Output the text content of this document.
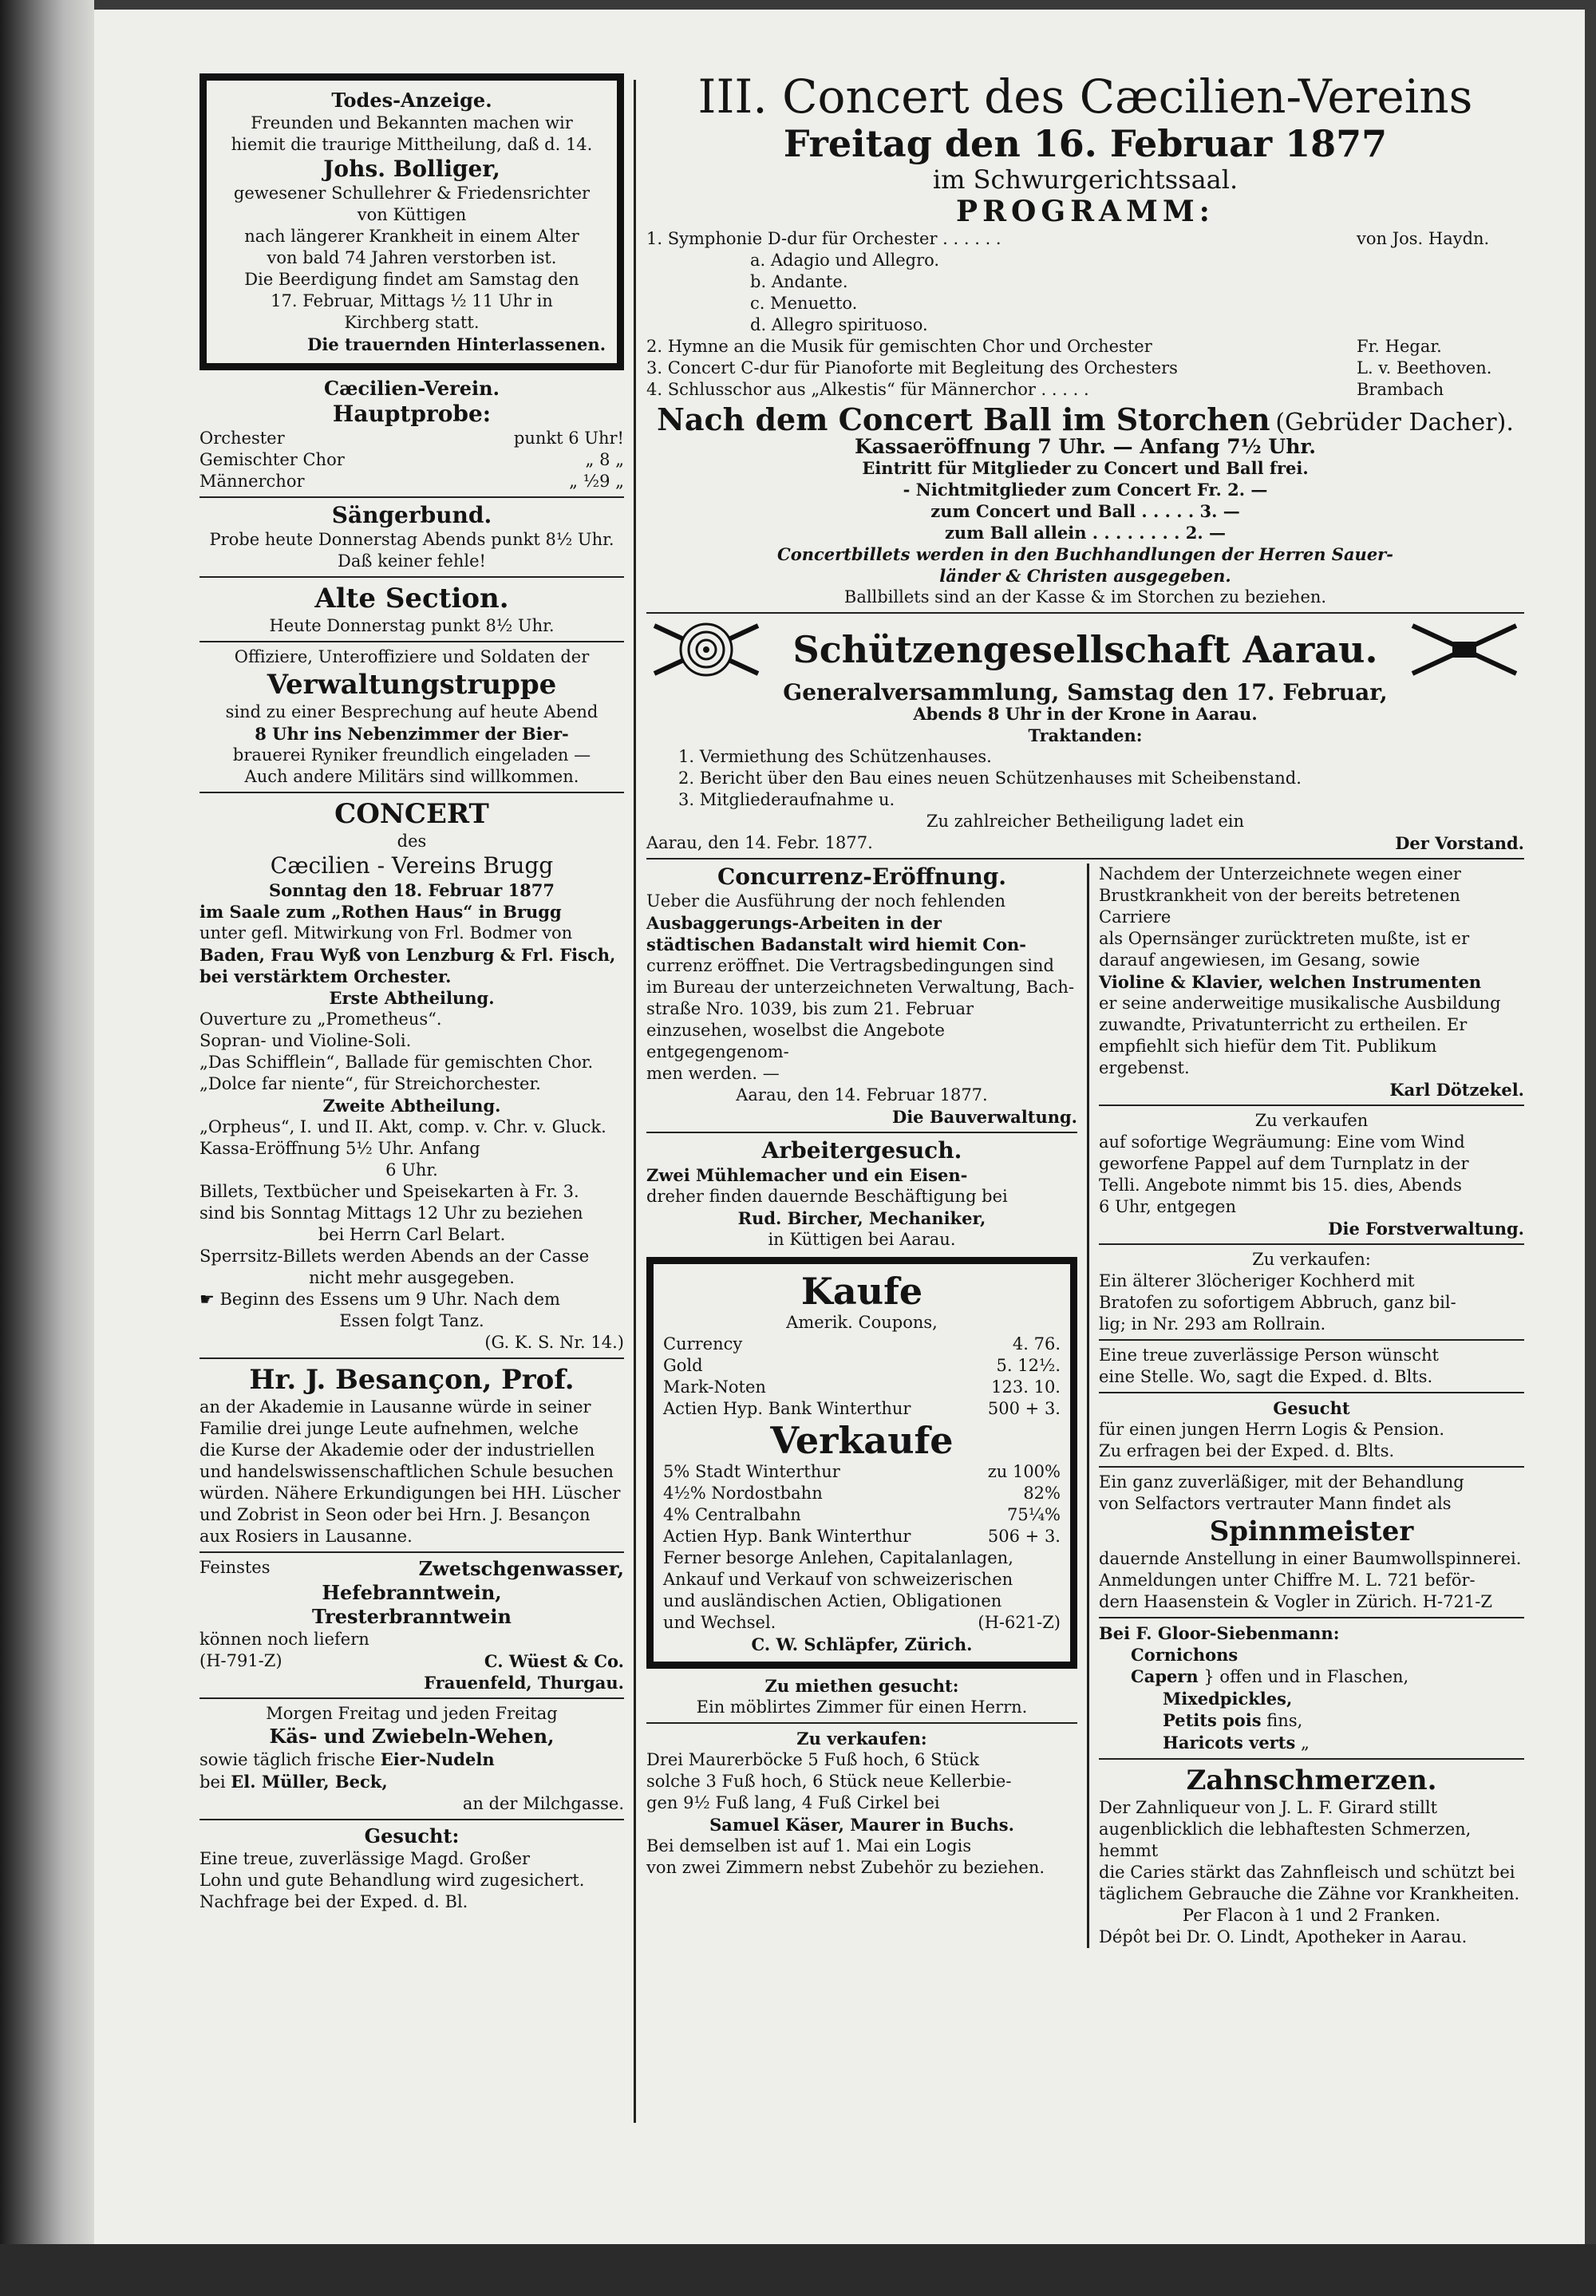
Todes-Anzeige.
Freunden und Bekannten machen wir
hiemit die traurige Mittheilung, daß d. 14.
Johs. Bolliger,
gewesener Schullehrer & Friedensrichter
von Küttigen
nach längerer Krankheit in einem Alter
von bald 74 Jahren verstorben ist.
Die Beerdigung findet am Samstag den
17. Februar, Mittags ½ 11 Uhr in
Kirchberg statt.
Die trauernden Hinterlassenen.
Cæcilien-Verein.
Hauptprobe:
Orchester	punkt 6 Uhr!
Gemischter Chor	„ 8 „
Männerchor	„ ½9 „
Sängerbund.
Probe heute Donnerstag Abends punkt 8½ Uhr.
Daß keiner fehle!
Alte Section.
Heute Donnerstag punkt 8½ Uhr.
Offiziere, Unteroffiziere und Soldaten der
Verwaltungstruppe
sind zu einer Besprechung auf heute Abend
8 Uhr ins Nebenzimmer der Bier-
brauerei Ryniker freundlich eingeladen —
Auch andere Militärs sind willkommen.
CONCERT
des
Cæcilien - Vereins Brugg
Sonntag den 18. Februar 1877
im Saale zum „Rothen Haus“ in Brugg
unter gefl. Mitwirkung von Frl. Bodmer von
Baden, Frau Wyß von Lenzburg & Frl. Fisch,
bei verstärktem Orchester.
Erste Abtheilung.
Ouverture zu „Prometheus“.
Sopran- und Violine-Soli.
„Das Schifflein“, Ballade für gemischten Chor.
„Dolce far niente“, für Streichorchester.
Zweite Abtheilung.
„Orpheus“, I. und II. Akt, comp. v. Chr. v. Gluck.
Kassa-Eröffnung 5½ Uhr. Anfang
6 Uhr.
Billets, Textbücher und Speisekarten à Fr. 3.
sind bis Sonntag Mittags 12 Uhr zu beziehen
bei Herrn Carl Belart.
Sperrsitz-Billets werden Abends an der Casse
nicht mehr ausgegeben.
☛ Beginn des Essens um 9 Uhr. Nach dem
Essen folgt Tanz.
(G. K. S. Nr. 14.)
Hr. J. Besançon, Prof.
an der Akademie in Lausanne würde in seiner
Familie drei junge Leute aufnehmen, welche
die Kurse der Akademie oder der industriellen
und handelswissenschaftlichen Schule besuchen
würden. Nähere Erkundigungen bei HH. Lüscher
und Zobrist in Seon oder bei Hrn. J. Besançon
aux Rosiers in Lausanne.
Feinstes	Zwetschgenwasser,
Hefebranntwein,
Tresterbranntwein
können noch liefern
(H-791-Z)	C. Wüest & Co.
Frauenfeld, Thurgau.
Morgen Freitag und jeden Freitag
Käs- und Zwiebeln-Wehen,
sowie täglich frische Eier-Nudeln
bei El. Müller, Beck,
an der Milchgasse.
Gesucht:
Eine treue, zuverlässige Magd. Großer
Lohn und gute Behandlung wird zugesichert.
Nachfrage bei der Exped. d. Bl.
III. Concert des Cæcilien-Vereins
Freitag den 16. Februar 1877
im Schwurgerichtssaal.
PROGRAMM:
1. Symphonie D-dur für Orchester . . . . . .	von Jos. Haydn.
a. Adagio und Allegro.
b. Andante.
c. Menuetto.
d. Allegro spirituoso.
2. Hymne an die Musik für gemischten Chor und Orchester	Fr. Hegar.
3. Concert C-dur für Pianoforte mit Begleitung des Orchesters	L. v. Beethoven.
4. Schlusschor aus „Alkestis“ für Männerchor . . . . .	Brambach
Nach dem Concert Ball im Storchen (Gebrüder Dacher).
Kassaeröffnung 7 Uhr. — Anfang 7½ Uhr.
Eintritt für Mitglieder zu Concert und Ball frei.
- Nichtmitglieder zum Concert Fr. 2. —
zum Concert und Ball . . . . . 3. —
zum Ball allein . . . . . . . . 2. —
Concertbillets werden in den Buchhandlungen der Herren Sauer-
länder & Christen ausgegeben.
Ballbillets sind an der Kasse & im Storchen zu beziehen.
Schützengesellschaft Aarau.
Generalversammlung, Samstag den 17. Februar,
Abends 8 Uhr in der Krone in Aarau.
Traktanden:
1. Vermiethung des Schützenhauses.
2. Bericht über den Bau eines neuen Schützenhauses mit Scheibenstand.
3. Mitgliederaufnahme u.
Zu zahlreicher Betheiligung ladet ein
Aarau, den 14. Febr. 1877.	Der Vorstand.
Concurrenz-Eröffnung.
Ueber die Ausführung der noch fehlenden
Ausbaggerungs-Arbeiten in der
städtischen Badanstalt wird hiemit Con-
currenz eröffnet. Die Vertragsbedingungen sind
im Bureau der unterzeichneten Verwaltung, Bach-
straße Nro. 1039, bis zum 21. Februar
einzusehen, woselbst die Angebote entgegengenom-
men werden. —
Aarau, den 14. Februar 1877.
Die Bauverwaltung.
Arbeitergesuch.
Zwei Mühlemacher und ein Eisen-
dreher finden dauernde Beschäftigung bei
Rud. Bircher, Mechaniker,
in Küttigen bei Aarau.
Kaufe
Amerik. Coupons,
Currency	4. 76.
Gold	5. 12½.
Mark-Noten	123. 10.
Actien Hyp. Bank Winterthur	500 + 3.
Verkaufe
5% Stadt Winterthur	zu 100%
4½% Nordostbahn	82%
4% Centralbahn	75¼%
Actien Hyp. Bank Winterthur	506 + 3.
Ferner besorge Anlehen, Capitalanlagen,
Ankauf und Verkauf von schweizerischen
und ausländischen Actien, Obligationen
und Wechsel.	(H-621-Z)
C. W. Schläpfer, Zürich.
Zu miethen gesucht:
Ein möblirtes Zimmer für einen Herrn.
Zu verkaufen:
Drei Maurerböcke 5 Fuß hoch, 6 Stück
solche 3 Fuß hoch, 6 Stück neue Kellerbie-
gen 9½ Fuß lang, 4 Fuß Cirkel bei
Samuel Käser, Maurer in Buchs.
Bei demselben ist auf 1. Mai ein Logis
von zwei Zimmern nebst Zubehör zu beziehen.
Nachdem der Unterzeichnete wegen einer
Brustkrankheit von der bereits betretenen Carriere
als Opernsänger zurücktreten mußte, ist er
darauf angewiesen, im Gesang, sowie
Violine & Klavier, welchen Instrumenten
er seine anderweitige musikalische Ausbildung
zuwandte, Privatunterricht zu ertheilen. Er
empfiehlt sich hiefür dem Tit. Publikum ergebenst.
Karl Dötzekel.
Zu verkaufen
auf sofortige Wegräumung: Eine vom Wind
geworfene Pappel auf dem Turnplatz in der
Telli. Angebote nimmt bis 15. dies, Abends
6 Uhr, entgegen
Die Forstverwaltung.
Zu verkaufen:
Ein älterer 3löcheriger Kochherd mit
Bratofen zu sofortigem Abbruch, ganz bil-
lig; in Nr. 293 am Rollrain.
Eine treue zuverlässige Person wünscht
eine Stelle. Wo, sagt die Exped. d. Blts.
Gesucht
für einen jungen Herrn Logis & Pension.
Zu erfragen bei der Exped. d. Blts.
Ein ganz zuverläßiger, mit der Behandlung
von Selfactors vertrauter Mann findet als
Spinnmeister
dauernde Anstellung in einer Baumwollspinnerei.
Anmeldungen unter Chiffre M. L. 721 beför-
dern Haasenstein & Vogler in Zürich. H-721-Z
Bei F. Gloor-Siebenmann:
Cornichons
Capern } offen und in Flaschen,
Mixedpickles,
Petits pois fins,
Haricots verts „
Zahnschmerzen.
Der Zahnliqueur von J. L. F. Girard stillt
augenblicklich die lebhaftesten Schmerzen, hemmt
die Caries stärkt das Zahnfleisch und schützt bei
täglichem Gebrauche die Zähne vor Krankheiten.
Per Flacon à 1 und 2 Franken.
Dépôt bei Dr. O. Lindt, Apotheker in Aarau.
